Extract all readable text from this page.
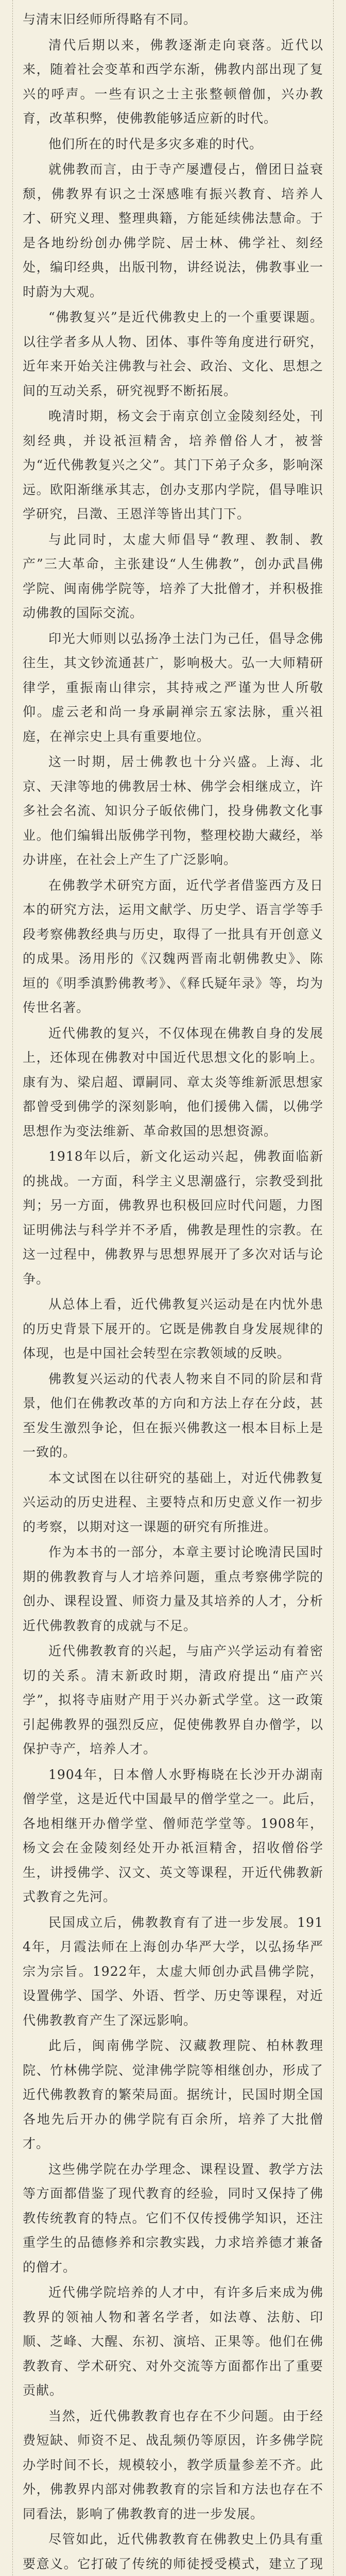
与清末旧经师所得略有不同。

清代后期以来，佛教逐渐走向衰落。近代以来，随着社会变革和西学东渐，佛教内部出现了复兴的呼声。一些有识之士主张整顿僧伽，兴办教育，改革积弊，使佛教能够适应新的时代。

他们所在的时代是多灾多难的时代。

就佛教而言，由于寺产屡遭侵占，僧团日益衰颓，佛教界有识之士深感唯有振兴教育、培养人才、研究义理、整理典籍，方能延续佛法慧命。于是各地纷纷创办佛学院、居士林、佛学社、刻经处，编印经典，出版刊物，讲经说法，佛教事业一时蔚为大观。

“佛教复兴”是近代佛教史上的一个重要课题。以往学者多从人物、团体、事件等角度进行研究，近年来开始关注佛教与社会、政治、文化、思想之间的互动关系，研究视野不断拓展。

晚清时期，杨文会于南京创立金陵刻经处，刊刻经典，并设祇洹精舍，培养僧俗人才，被誉为“近代佛教复兴之父”。其门下弟子众多，影响深远。欧阳渐继承其志，创办支那内学院，倡导唯识学研究，吕澂、王恩洋等皆出其门下。

与此同时，太虚大师倡导“教理、教制、教产”三大革命，主张建设“人生佛教”，创办武昌佛学院、闽南佛学院等，培养了大批僧才，并积极推动佛教的国际交流。

印光大师则以弘扬净土法门为己任，倡导念佛往生，其文钞流通甚广，影响极大。弘一大师精研律学，重振南山律宗，其持戒之严谨为世人所敬仰。虚云老和尚一身承嗣禅宗五家法脉，重兴祖庭，在禅宗史上具有重要地位。

这一时期，居士佛教也十分兴盛。上海、北京、天津等地的佛教居士林、佛学会相继成立，许多社会名流、知识分子皈依佛门，投身佛教文化事业。他们编辑出版佛学刊物，整理校勘大藏经，举办讲座，在社会上产生了广泛影响。

在佛教学术研究方面，近代学者借鉴西方及日本的研究方法，运用文献学、历史学、语言学等手段考察佛教经典与历史，取得了一批具有开创意义的成果。汤用彤的《汉魏两晋南北朝佛教史》、陈垣的《明季滇黔佛教考》、《释氏疑年录》等，均为传世名著。

近代佛教的复兴，不仅体现在佛教自身的发展上，还体现在佛教对中国近代思想文化的影响上。康有为、梁启超、谭嗣同、章太炎等维新派思想家都曾受到佛学的深刻影响，他们援佛入儒，以佛学思想作为变法维新、革命救国的思想资源。

1918年以后，新文化运动兴起，佛教面临新的挑战。一方面，科学主义思潮盛行，宗教受到批判；另一方面，佛教界也积极回应时代问题，力图证明佛法与科学并不矛盾，佛教是理性的宗教。在这一过程中，佛教界与思想界展开了多次对话与论争。

从总体上看，近代佛教复兴运动是在内忧外患的历史背景下展开的。它既是佛教自身发展规律的体现，也是中国社会转型在宗教领域的反映。

佛教复兴运动的代表人物来自不同的阶层和背景，他们在佛教改革的方向和方法上存在分歧，甚至发生激烈争论，但在振兴佛教这一根本目标上是一致的。

本文试图在以往研究的基础上，对近代佛教复兴运动的历史进程、主要特点和历史意义作一初步的考察，以期对这一课题的研究有所推进。

作为本书的一部分，本章主要讨论晚清民国时期的佛教教育与人才培养问题，重点考察佛学院的创办、课程设置、师资力量及其培养的人才，分析近代佛教教育的成就与不足。

近代佛教教育的兴起，与庙产兴学运动有着密切的关系。清末新政时期，清政府提出“庙产兴学”，拟将寺庙财产用于兴办新式学堂。这一政策引起佛教界的强烈反应，促使佛教界自办僧学，以保护寺产，培养人才。

1904年，日本僧人水野梅晓在长沙开办湖南僧学堂，这是近代中国最早的僧学堂之一。此后，各地相继开办僧学堂、僧师范学堂等。1908年，杨文会在金陵刻经处开办祇洹精舍，招收僧俗学生，讲授佛学、汉文、英文等课程，开近代佛教新式教育之先河。

民国成立后，佛教教育有了进一步发展。1914年，月霞法师在上海创办华严大学，以弘扬华严宗为宗旨。1922年，太虚大师创办武昌佛学院，设置佛学、国学、外语、哲学、历史等课程，对近代佛教教育产生了深远影响。

此后，闽南佛学院、汉藏教理院、柏林教理院、竹林佛学院、觉津佛学院等相继创办，形成了近代佛教教育的繁荣局面。据统计，民国时期全国各地先后开办的佛学院有百余所，培养了大批僧才。

这些佛学院在办学理念、课程设置、教学方法等方面都借鉴了现代教育的经验，同时又保持了佛教传统教育的特点。它们不仅传授佛学知识，还注重学生的品德修养和宗教实践，力求培养德才兼备的僧才。

近代佛学院培养的人才中，有许多后来成为佛教界的领袖人物和著名学者，如法尊、法舫、印顺、芝峰、大醒、东初、演培、正果等。他们在佛教教育、学术研究、对外交流等方面都作出了重要贡献。

当然，近代佛教教育也存在不少问题。由于经费短缺、师资不足、战乱频仍等原因，许多佛学院办学时间不长，规模较小，教学质量参差不齐。此外，佛教界内部对佛教教育的宗旨和方法也存在不同看法，影响了佛教教育的进一步发展。

尽管如此，近代佛教教育在佛教史上仍具有重要意义。它打破了传统的师徒授受模式，建立了现
